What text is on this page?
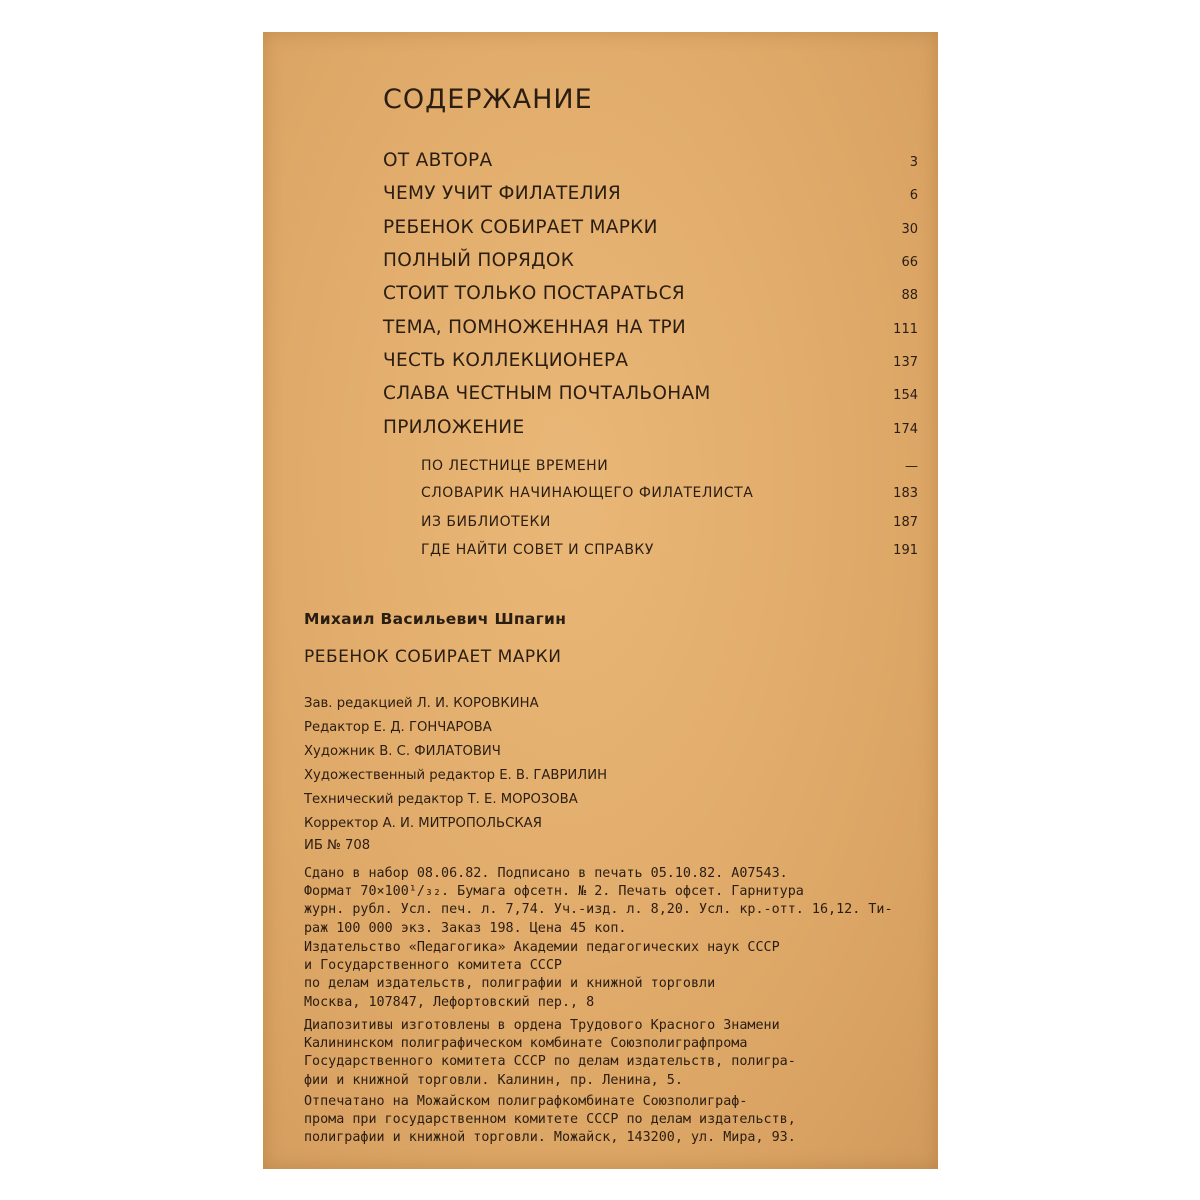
СОДЕРЖАНИЕ
ОТ АВТОРА	3
ЧЕМУ УЧИТ ФИЛАТЕЛИЯ	6
РЕБЕНОК СОБИРАЕТ МАРКИ	30
ПОЛНЫЙ ПОРЯДОК	66
СТОИТ ТОЛЬКО ПОСТАРАТЬСЯ	88
ТЕМА, ПОМНОЖЕННАЯ НА ТРИ	111
ЧЕСТЬ КОЛЛЕКЦИОНЕРА	137
СЛАВА ЧЕСТНЫМ ПОЧТАЛЬОНАМ	154
ПРИЛОЖЕНИЕ	174
ПО ЛЕСТНИЦЕ ВРЕМЕНИ	—
СЛОВАРИК НАЧИНАЮЩЕГО ФИЛАТЕЛИСТА	183
ИЗ БИБЛИОТЕКИ	187
ГДЕ НАЙТИ СОВЕТ И СПРАВКУ	191
Михаил Васильевич Шпагин
РЕБЕНОК СОБИРАЕТ МАРКИ
Зав. редакцией Л. И. КОРОВКИНА
Редактор Е. Д. ГОНЧАРОВА
Художник В. С. ФИЛАТОВИЧ
Художественный редактор Е. В. ГАВРИЛИН
Технический редактор Т. Е. МОРОЗОВА
Корректор А. И. МИТРОПОЛЬСКАЯ
ИБ № 708
Сдано в набор 08.06.82. Подписано в печать 05.10.82. А07543.
Формат 70×100¹/₃₂. Бумага офсетн. № 2. Печать офсет. Гарнитура
журн. рубл. Усл. печ. л. 7,74. Уч.-изд. л. 8,20. Усл. кр.-отт. 16,12. Ти-
раж 100 000 экз. Заказ 198. Цена 45 коп.
Издательство «Педагогика» Академии педагогических наук СССР
и Государственного комитета СССР
по делам издательств, полиграфии и книжной торговли
Москва, 107847, Лефортовский пер., 8
Диапозитивы изготовлены в ордена Трудового Красного Знамени
Калининском полиграфическом комбинате Союзполиграфпрома
Государственного комитета СССР по делам издательств, полигра-
фии и книжной торговли. Калинин, пр. Ленина, 5.
Отпечатано на Можайском полиграфкомбинате Союзполиграф-
прома при государственном комитете СССР по делам издательств,
полиграфии и книжной торговли. Можайск, 143200, ул. Мира, 93.
